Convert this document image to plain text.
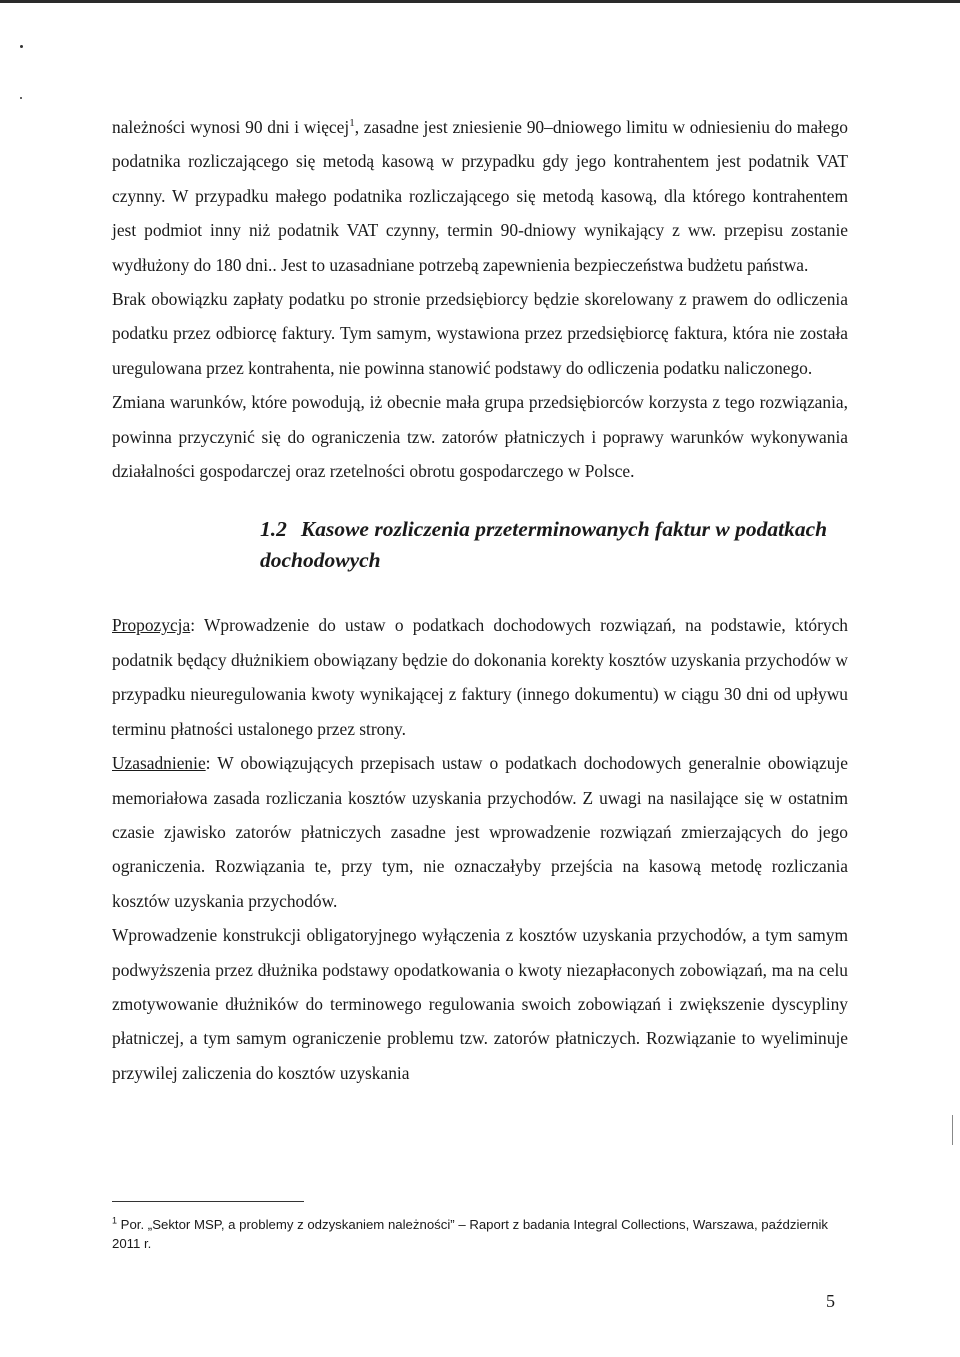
należności wynosi 90 dni i więcej$^1$, zasadne jest zniesienie 90–dniowego limitu w odniesieniu do małego podatnika rozliczającego się metodą kasową w przypadku gdy jego kontrahentem jest podatnik VAT czynny. W przypadku małego podatnika rozliczającego się metodą kasową, dla którego kontrahentem jest podmiot inny niż podatnik VAT czynny, termin 90-dniowy wynikający z ww. przepisu zostanie wydłużony do 180 dni.. Jest to uzasadniane potrzebą zapewnienia bezpieczeństwa budżetu państwa.

Brak obowiązku zapłaty podatku po stronie przedsiębiorcy będzie skorelowany z prawem do odliczenia podatku przez odbiorcę faktury. Tym samym, wystawiona przez przedsiębiorcę faktura, która nie została uregulowana przez kontrahenta, nie powinna stanowić podstawy do odliczenia podatku naliczonego.

Zmiana warunków, które powodują, iż obecnie mała grupa przedsiębiorców korzysta z tego rozwiązania, powinna przyczynić się do ograniczenia tzw. zatorów płatniczych i poprawy warunków wykonywania działalności gospodarczej oraz rzetelności obrotu gospodarczego w Polsce.

1.2 Kasowe rozliczenia przeterminowanych faktur w podatkach
dochodowych

Propozycja: Wprowadzenie do ustaw o podatkach dochodowych rozwiązań, na podstawie, których podatnik będący dłużnikiem obowiązany będzie do dokonania korekty kosztów uzyskania przychodów w przypadku nieuregulowania kwoty wynikającej z faktury (innego dokumentu) w ciągu 30 dni od upływu terminu płatności ustalonego przez strony.

Uzasadnienie: W obowiązujących przepisach ustaw o podatkach dochodowych generalnie obowiązuje memoriałowa zasada rozliczania kosztów uzyskania przychodów. Z uwagi na nasilające się w ostatnim czasie zjawisko zatorów płatniczych zasadne jest wprowadzenie rozwiązań zmierzających do jego ograniczenia. Rozwiązania te, przy tym, nie oznaczałyby przejścia na kasową metodę rozliczania kosztów uzyskania przychodów.

Wprowadzenie konstrukcji obligatoryjnego wyłączenia z kosztów uzyskania przychodów, a tym samym podwyższenia przez dłużnika podstawy opodatkowania o kwoty niezapłaconych zobowiązań, ma na celu zmotywowanie dłużników do terminowego regulowania swoich zobowiązań i zwiększenie dyscypliny płatniczej, a tym samym ograniczenie problemu tzw. zatorów płatniczych. Rozwiązanie to wyeliminuje przywilej zaliczenia do kosztów uzyskania

$^1$ Por. „Sektor MSP, a problemy z odzyskaniem należności” – Raport z badania Integral Collections, Warszawa, październik 2011 r.
5
